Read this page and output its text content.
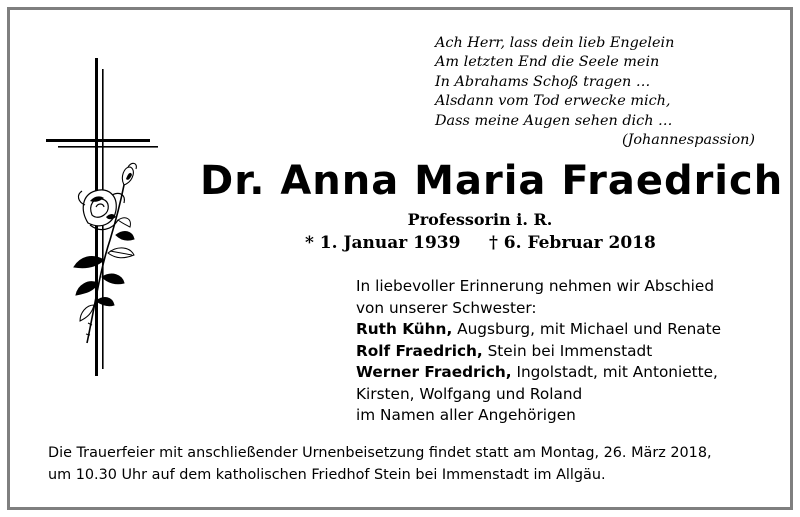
Ach Herr, lass dein lieb Engelein
Am letzten End die Seele mein
In Abrahams Schoß tragen …
Alsdann vom Tod erwecke mich,
Dass meine Augen sehen dich …
(Johannespassion)
Dr. Anna Maria Fraedrich
Professorin i. R.
* 1. Januar 1939 † 6. Februar 2018
In liebevoller Erinnerung nehmen wir Abschied
von unserer Schwester:
Ruth Kühn, Augsburg, mit Michael und Renate
Rolf Fraedrich, Stein bei Immenstadt
Werner Fraedrich, Ingolstadt, mit Antoniette,
Kirsten, Wolfgang und Roland
im Namen aller Angehörigen
Die Trauerfeier mit anschließender Urnenbeisetzung findet statt am Montag, 26. März 2018,
um 10.30 Uhr auf dem katholischen Friedhof Stein bei Immenstadt im Allgäu.
